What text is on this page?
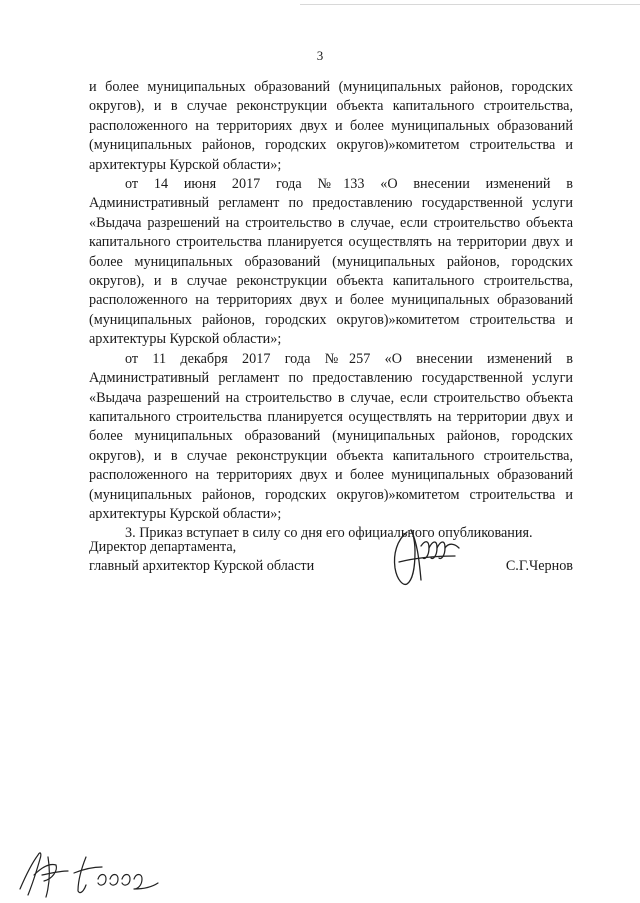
3

и более муниципальных образований (муниципальных районов, городских округов), и в случае реконструкции объекта капитального строительства, расположенного на территориях двух и более муниципальных образований (муниципальных районов, городских округов)»комитетом строительства и архитектуры Курской области»;

от 14 июня 2017 года №133 «О внесении изменений в Административный регламент по предоставлению государственной услуги «Выдача разрешений на строительство в случае, если строительство объекта капитального строительства планируется осуществлять на территории двух и более муниципальных образований (муниципальных районов, городских округов), и в случае реконструкции объекта капитального строительства, расположенного на территориях двух и более муниципальных образований (муниципальных районов, городских округов)»комитетом строительства и архитектуры Курской области»;

от 11 декабря 2017 года №257 «О внесении изменений в Административный регламент по предоставлению государственной услуги «Выдача разрешений на строительство в случае, если строительство объекта капитального строительства планируется осуществлять на территории двух и более муниципальных образований (муниципальных районов, городских округов), и в случае реконструкции объекта капитального строительства, расположенного на территориях двух и более муниципальных образований (муниципальных районов, городских округов)»комитетом строительства и архитектуры Курской области»;

3. Приказ вступает в силу со дня его официального опубликования.

Директор департамента,
главный архитектор Курской области	С.Г.Чернов
